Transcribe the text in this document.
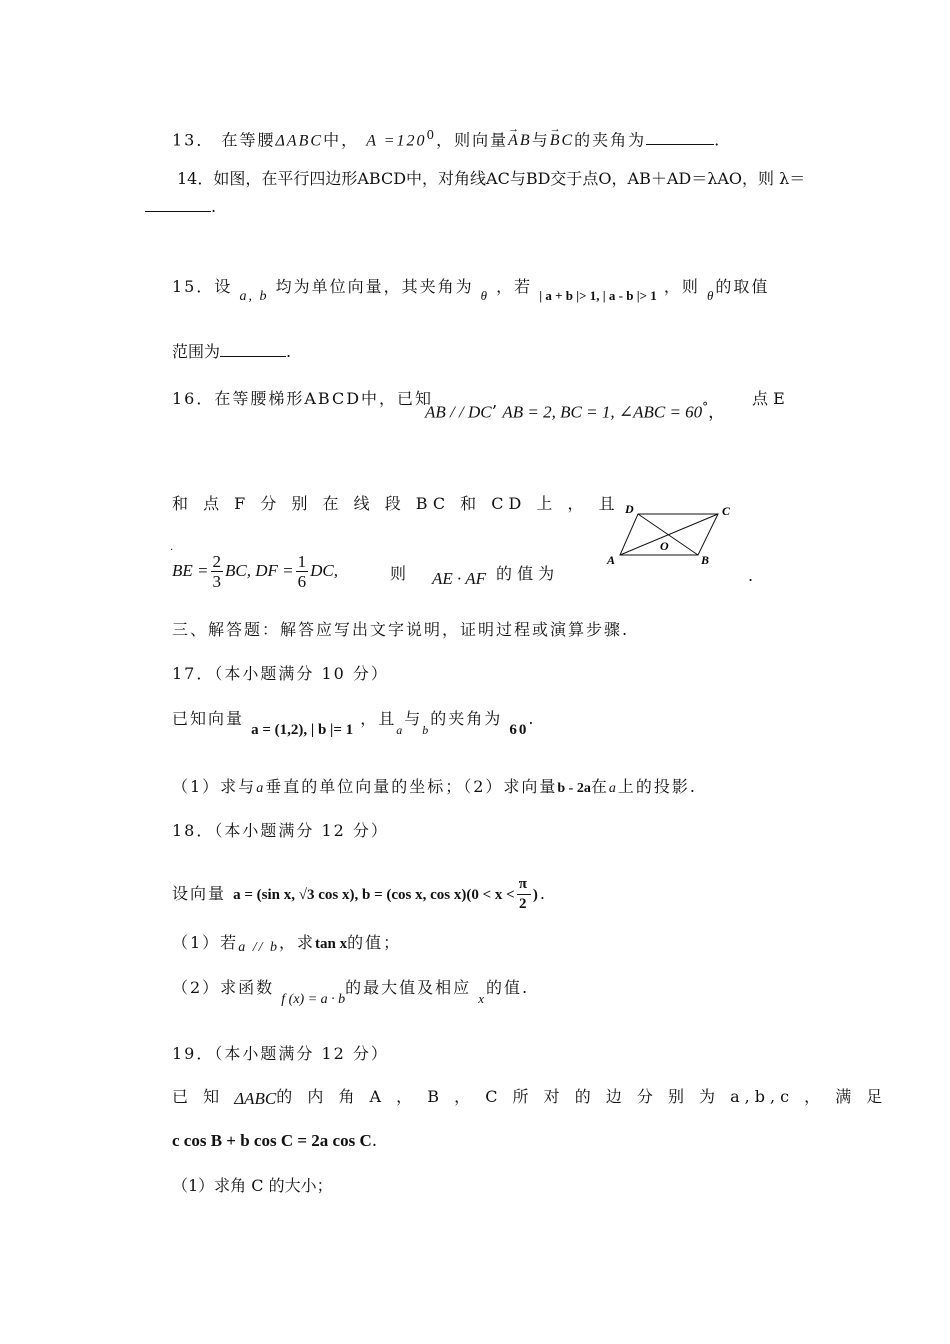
13． 在等腰ΔABC中， $A =120^0$，则向量→ AB与→ BC的夹角为	.
14．如图，在平行四边形ABCD中，对角线AC与BD交于点O，AB＋AD＝λAO，则 λ＝
.
15．设 a, b 均为单位向量，其夹角为 $_\theta$ ，若 $_{| a + b |> 1, | a - b |> 1}$ ，则 $_\theta$的取值
范围为	.
16．在等腰梯形ABCD中，已知
AB / / DC’ AB = 2, BC = 1, ∠ABC = 60°，
点 E
和 点 F 分 别 在 线 段 BC 和 CD 上 ， 且
.
BE = $\frac{2}{3}$ BC, DF = $\frac{1}{6}$ DC,	则 AE · AF 的 值 为	.
A	B
C
D
O
三、解答题：解答应写出文字说明，证明过程或演算步骤.
17．（本小题满分 10 分）
已知向量 a = (1,2), | b |= 1 ，且$_a$与$_b$的夹角为 60.
（1）求与a垂直的单位向量的坐标；（2）求向量b - 2a在a上的投影.
18．（本小题满分 12 分）
设向量 a = (sin x, √3 cos x), b = (cos x, $\cos x)(0 < x < \frac{\pi}{2}$ ).
（1）若a // b，求tan x的值；
（2）求函数 f (x) = a · b的最大值及相应 $_x$的值.
19．（本小题满分 12 分）
已 知 ΔABC的 内 角 A ， B ， C 所 对 的 边 分 别 为 a,b,c ， 满 足
c cos B + b cos C = 2a cos C.
（1）求角 C 的大小；
